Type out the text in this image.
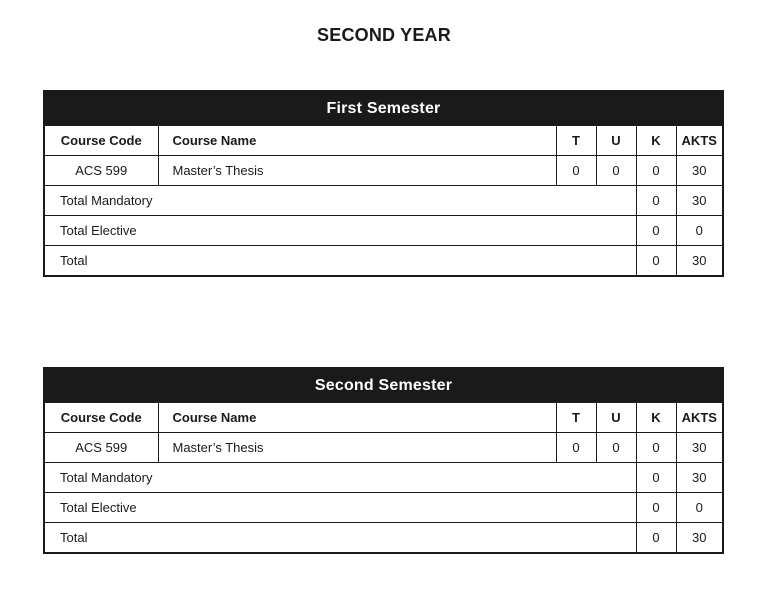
SECOND YEAR
First Semester					
Course Code	Course Name	T	U	K	AKTS
ACS 599	Master’s Thesis	0	0	0	30
Total Mandatory				0	30
Total Elective				0	0
Total				0	30
Second Semester					
Course Code	Course Name	T	U	K	AKTS
ACS 599	Master’s Thesis	0	0	0	30
Total Mandatory				0	30
Total Elective				0	0
Total				0	30
